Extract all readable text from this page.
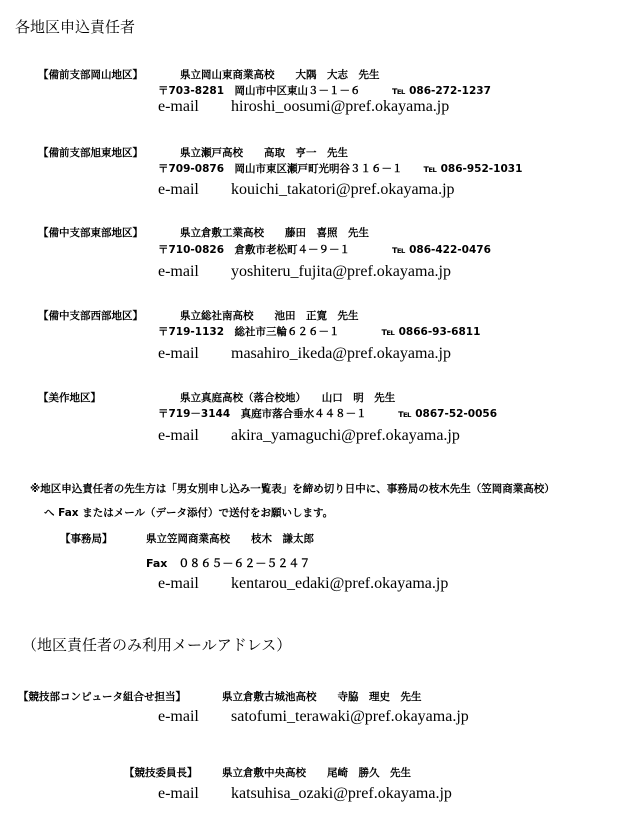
各地区申込責任者
【備前支部岡山地区】	県立岡山東商業高校　　大隅　大志　先生
〒703-8281　岡山市中区東山３－１－６　　　℡ 086-272-1237
e-mail hiroshi_oosumi@pref.okayama.jp
【備前支部旭東地区】	県立瀬戸高校　　高取　亨一　先生
〒709-0876　岡山市東区瀬戸町光明谷３１６－１　　℡ 086-952-1031
e-mail kouichi_takatori@pref.okayama.jp
【備中支部東部地区】	県立倉敷工業高校　　藤田　喜照　先生
〒710-0826　倉敷市老松町４－９－１　　　　℡ 086-422-0476
e-mail yoshiteru_fujita@pref.okayama.jp
【備中支部西部地区】	県立総社南高校　　池田　正寛　先生
〒719-1132　総社市三輪６２６－１　　　　℡ 0866-93-6811
e-mail masahiro_ikeda@pref.okayama.jp
【美作地区】	県立真庭高校（落合校地）　　山口　明　先生
〒719－3144　真庭市落合垂水４４８－１　　　℡ 0867-52-0056
e-mail akira_yamaguchi@pref.okayama.jp
※地区申込責任者の先生方は「男女別申し込み一覧表」を締め切り日中に、事務局の枝木先生（笠岡商業高校）
へ Fax またはメール（データ添付）で送付をお願いします。
【事務局】	県立笠岡商業高校　　枝木　謙太郎
Fax　０８６５－６２－５２４７
e-mail kentarou_edaki@pref.okayama.jp
（地区責任者のみ利用メールアドレス）
【競技部コンピュータ組合せ担当】	県立倉敷古城池高校　　寺脇　理史　先生
e-mail satofumi_terawaki@pref.okayama.jp
【競技委員長】 県立倉敷中央高校　　尾崎　勝久　先生
e-mail katsuhisa_ozaki@pref.okayama.jp
